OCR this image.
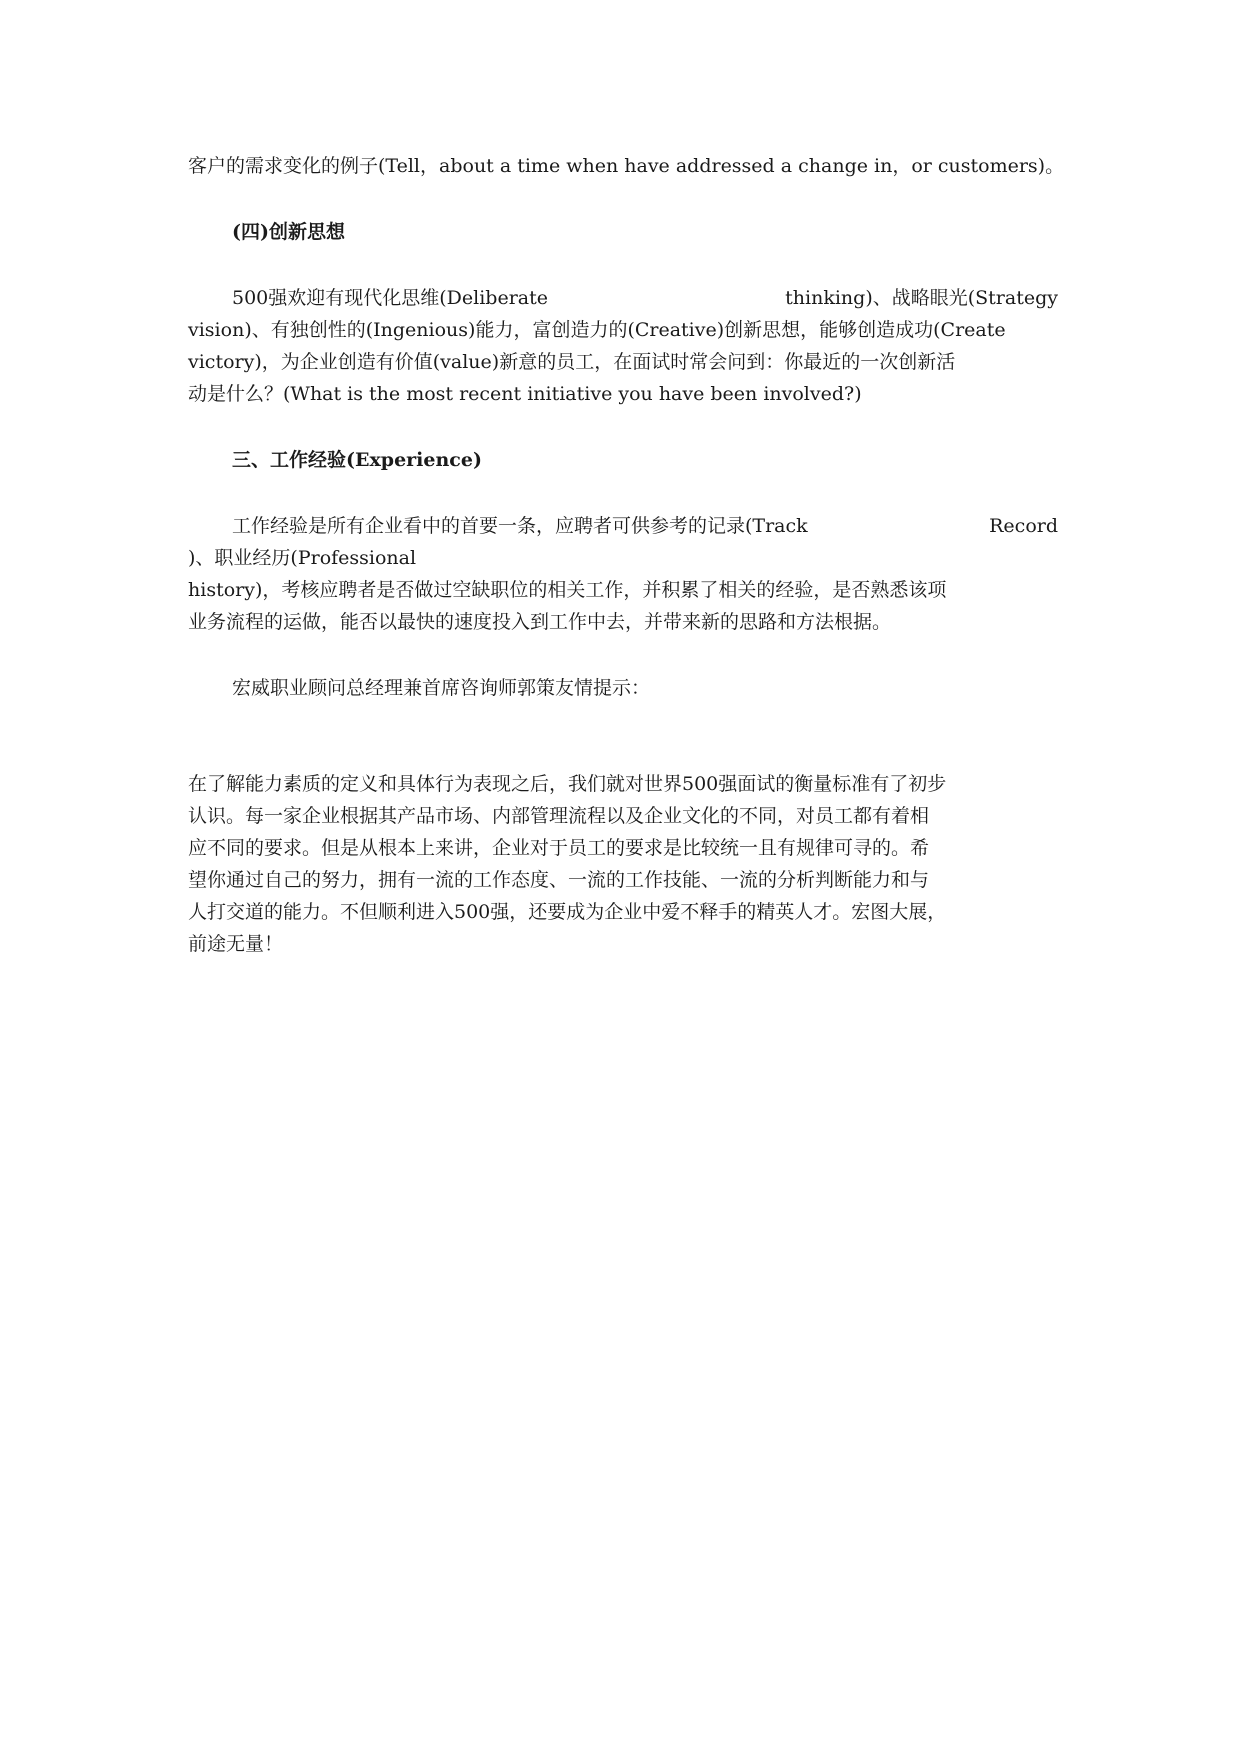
客户的需求变化的例子(Tell，about a time when have addressed a change in，or customers)。
(四)创新思想
500强欢迎有现代化思维(Deliberate	thinking)、战略眼光(Strategy
vision)、有独创性的(Ingenious)能力，富创造力的(Creative)创新思想，能够创造成功(Create
victory)，为企业创造有价值(value)新意的员工，在面试时常会问到：你最近的一次创新活
动是什么？(What is the most recent initiative you have been involved?)
三、工作经验(Experience)
工作经验是所有企业看中的首要一条，应聘者可供参考的记录(Track	Record
)、职业经历(Professional
history)，考核应聘者是否做过空缺职位的相关工作，并积累了相关的经验，是否熟悉该项
业务流程的运做，能否以最快的速度投入到工作中去，并带来新的思路和方法根据。
宏威职业顾问总经理兼首席咨询师郭策友情提示：
在了解能力素质的定义和具体行为表现之后，我们就对世界500强面试的衡量标准有了初步
认识。每一家企业根据其产品市场、内部管理流程以及企业文化的不同，对员工都有着相
应不同的要求。但是从根本上来讲，企业对于员工的要求是比较统一且有规律可寻的。希
望你通过自己的努力，拥有一流的工作态度、一流的工作技能、一流的分析判断能力和与
人打交道的能力。不但顺利进入500强，还要成为企业中爱不释手的精英人才。宏图大展，
前途无量！
